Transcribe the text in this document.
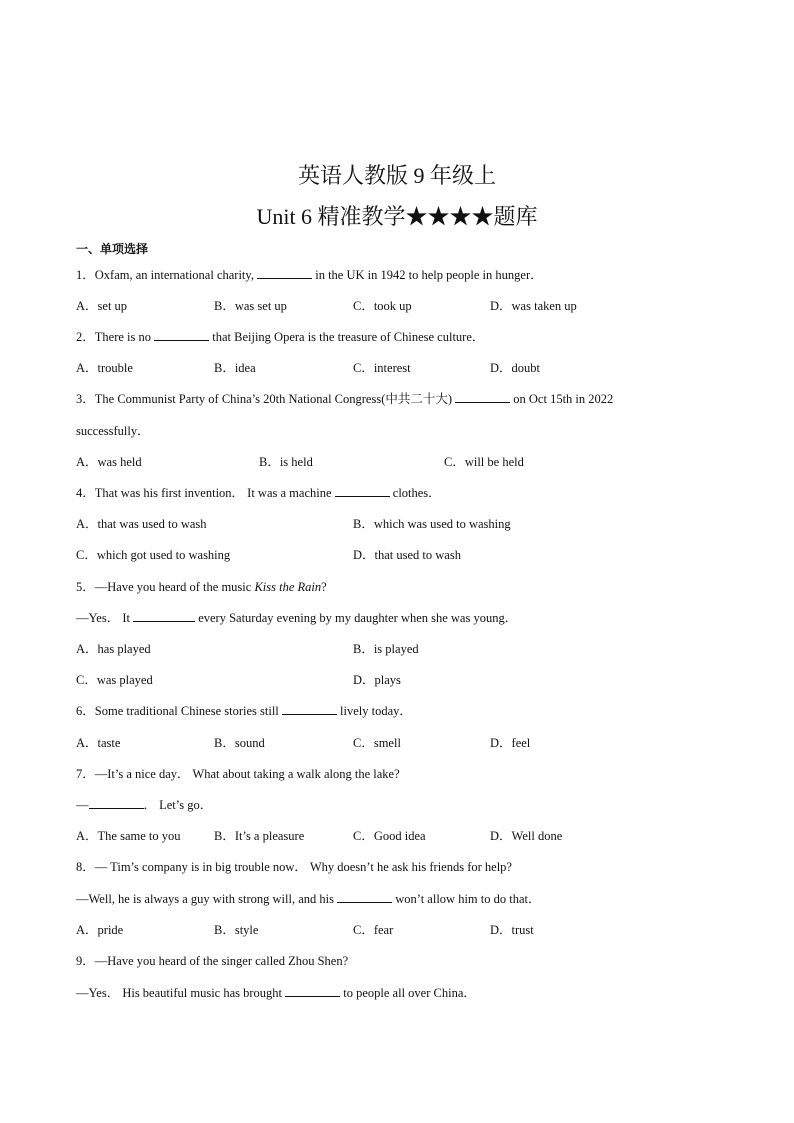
英语人教版 9 年级上
Unit 6 精准教学★★★★题库
一、单项选择
1．Oxfam, an international charity,	in the UK in 1942 to help people in hunger．
A．set up	B．was set up	C．took up	D．was taken up
2．There is no	that Beijing Opera is the treasure of Chinese culture．
A．trouble	B．idea	C．interest	D．doubt
3．The Communist Party of China’s 20th National Congress(中共二十大)	on Oct 15th in 2022
successfully．
A．was held	B．is held	C．will be held
4．That was his first invention． It was a machine	clothes．
A．that was used to wash	B．which was used to washing
C．which got used to washing	D．that used to wash
5．—Have you heard of the music Kiss the Rain?
—Yes． It	every Saturday evening by my daughter when she was young．
A．has played	B．is played
C．was played	D．plays
6．Some traditional Chinese stories still	lively today．
A．taste	B．sound	C．smell	D．feel
7．—It’s a nice day． What about taking a walk along the lake?
—	． Let’s go．
A．The same to you	B．It’s a pleasure	C．Good idea	D．Well done
8．— Tim’s company is in big trouble now． Why doesn’t he ask his friends for help?
—Well, he is always a guy with strong will, and his	won’t allow him to do that．
A．pride	B．style	C．fear	D．trust
9．—Have you heard of the singer called Zhou Shen?
—Yes． His beautiful music has brought	to people all over China．
